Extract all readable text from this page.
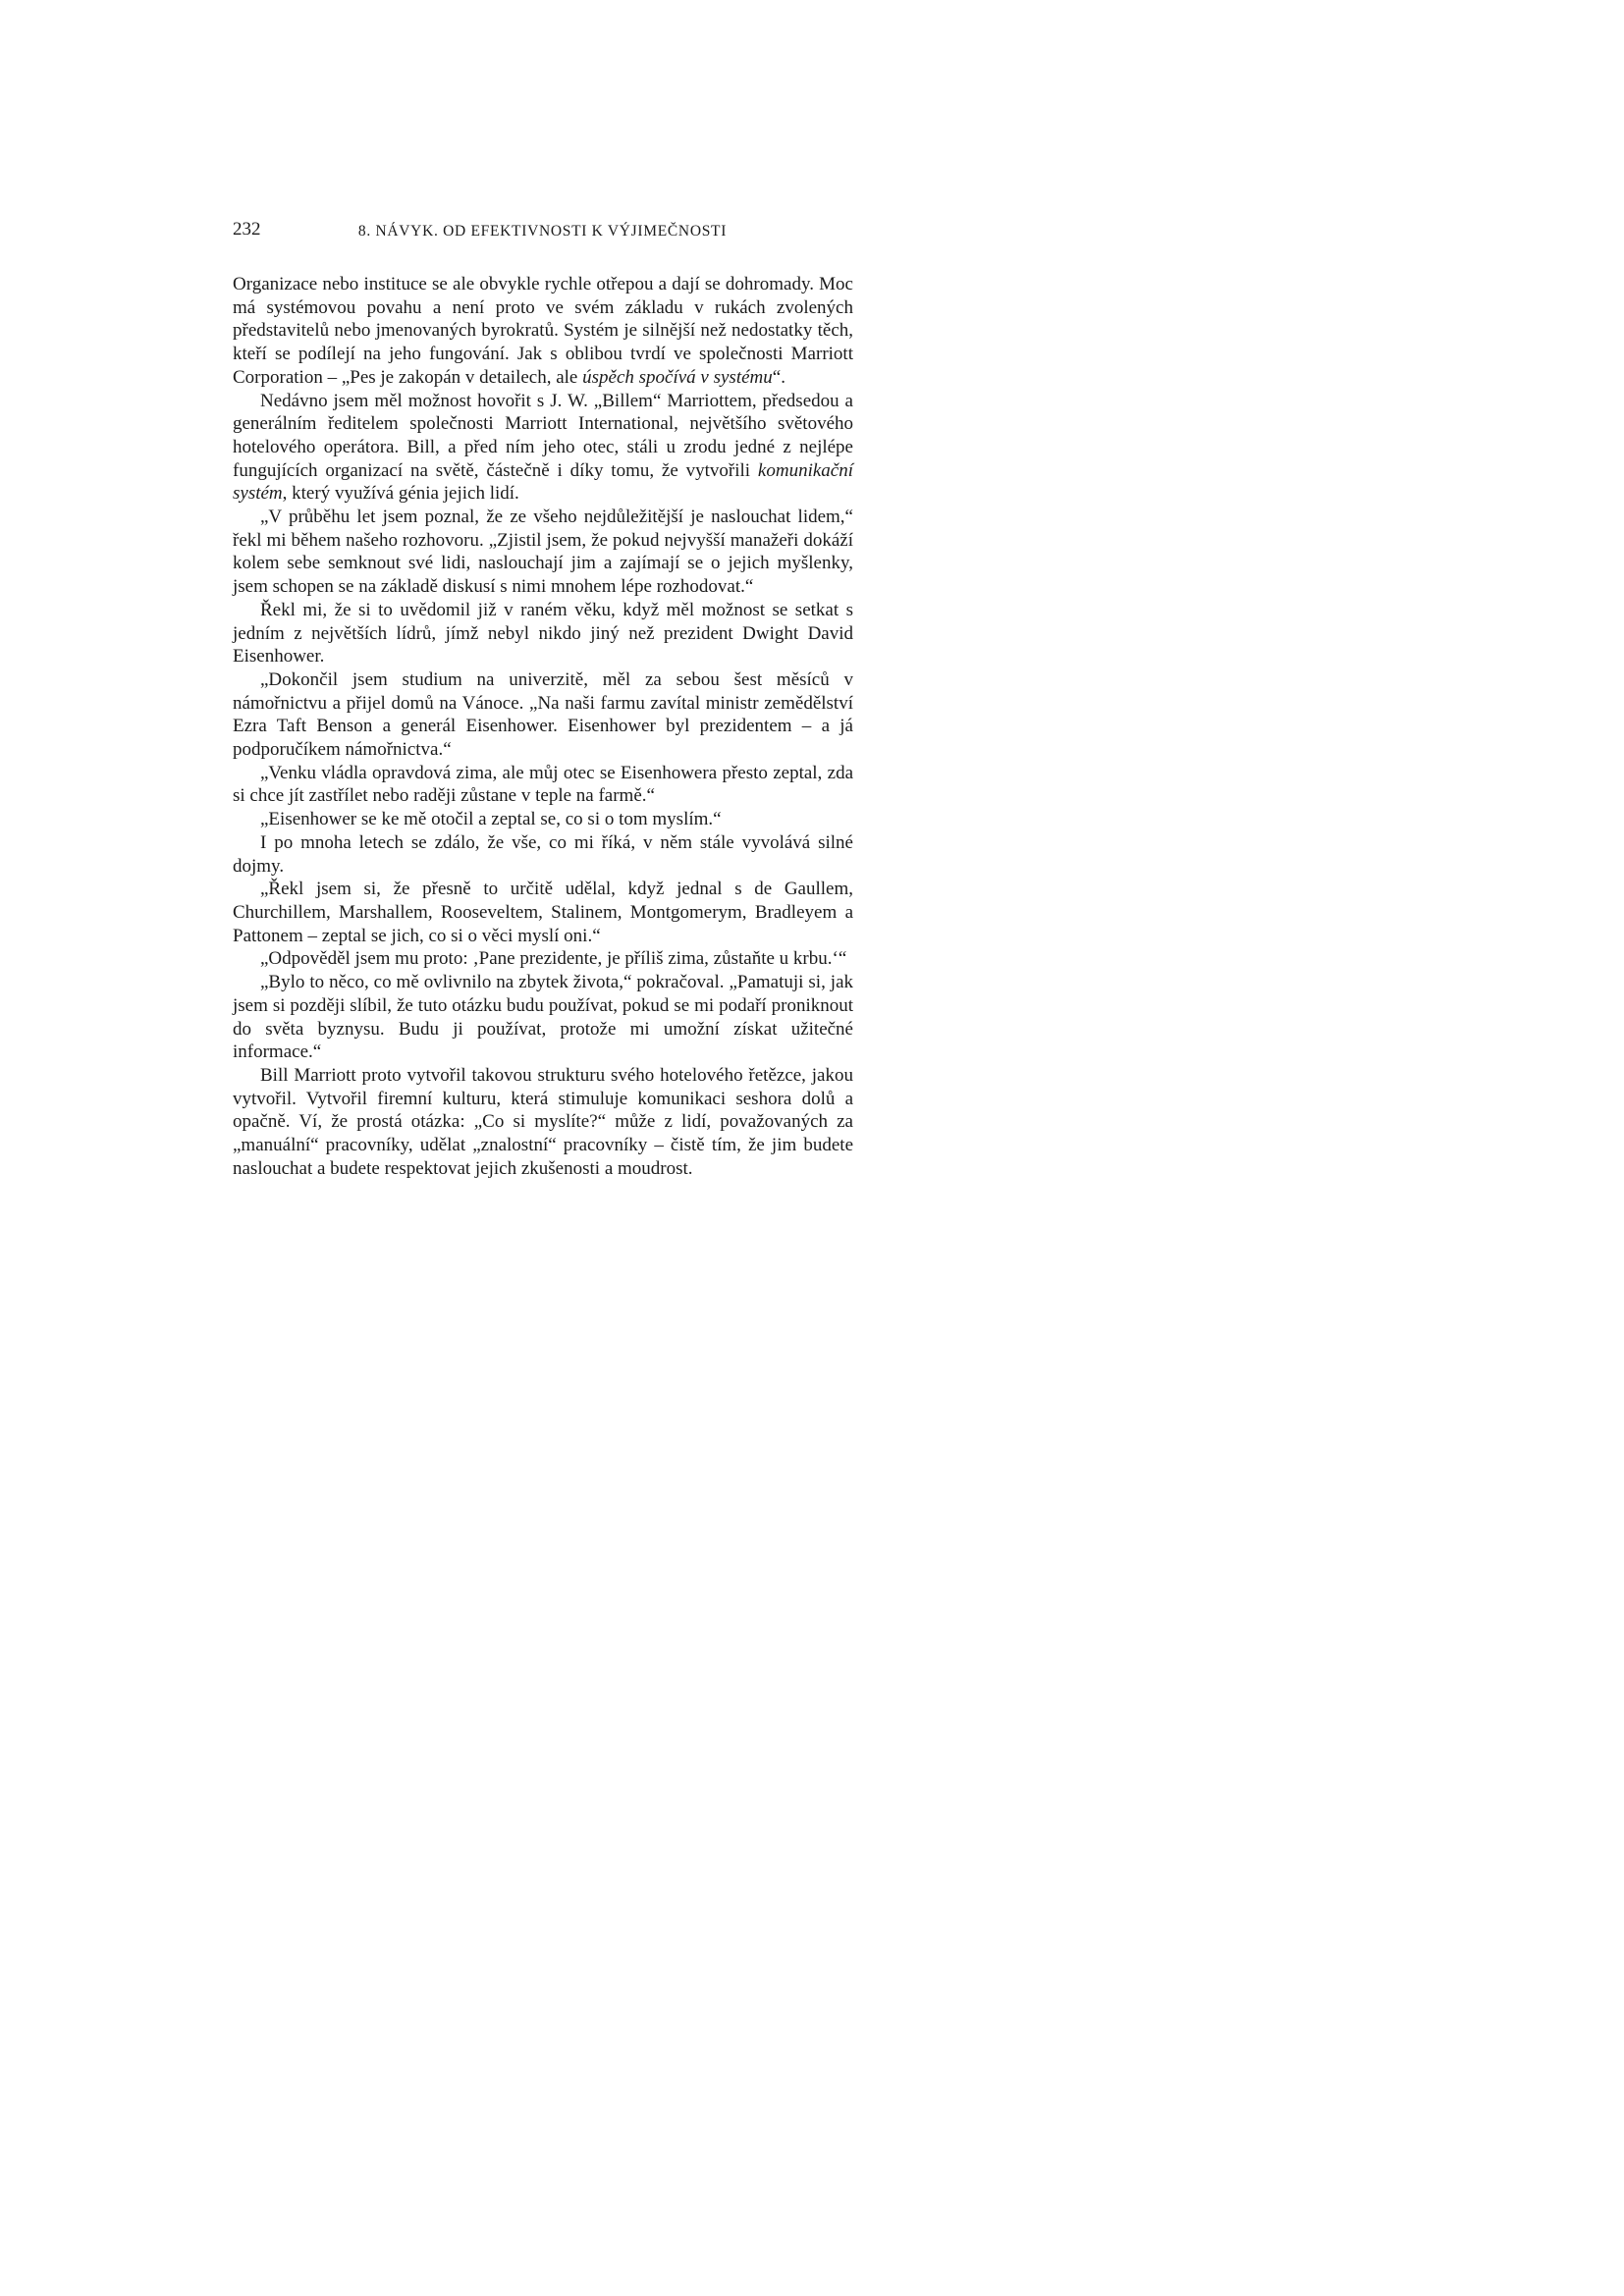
232	8. NÁVYK. OD EFEKTIVNOSTI K VÝJIMEČNOSTI

Organizace nebo instituce se ale obvykle rychle otřepou a dají se dohromady. Moc má systémovou povahu a není proto ve svém základu v rukách zvolených představitelů nebo jmenovaných byrokratů. Systém je silnější než nedostatky těch, kteří se podílejí na jeho fungování. Jak s oblibou tvrdí ve společnosti Marriott Corporation – „Pes je zakopán v detailech, ale úspěch spočívá v systému“.

Nedávno jsem měl možnost hovořit s J. W. „Billem“ Marriottem, předsedou a generálním ředitelem společnosti Marriott International, největšího světového hotelového operátora. Bill, a před ním jeho otec, stáli u zrodu jedné z nejlépe fungujících organizací na světě, částečně i díky tomu, že vytvořili komunikační systém, který využívá génia jejich lidí.

„V průběhu let jsem poznal, že ze všeho nejdůležitější je naslouchat lidem,“ řekl mi během našeho rozhovoru. „Zjistil jsem, že pokud nejvyšší manažeři dokáží kolem sebe semknout své lidi, naslouchají jim a zajímají se o jejich myšlenky, jsem schopen se na základě diskusí s nimi mnohem lépe rozhodovat.“

Řekl mi, že si to uvědomil již v raném věku, když měl možnost se setkat s jedním z největších lídrů, jímž nebyl nikdo jiný než prezident Dwight David Eisenhower.

„Dokončil jsem studium na univerzitě, měl za sebou šest měsíců v námořnictvu a přijel domů na Vánoce. „Na naši farmu zavítal ministr zemědělství Ezra Taft Benson a generál Eisenhower. Eisenhower byl prezidentem – a já podporučíkem námořnictva.“

„Venku vládla opravdová zima, ale můj otec se Eisenhowera přesto zeptal, zda si chce jít zastřílet nebo raději zůstane v teple na farmě.“

„Eisenhower se ke mě otočil a zeptal se, co si o tom myslím.“

I po mnoha letech se zdálo, že vše, co mi říká, v něm stále vyvolává silné dojmy.

„Řekl jsem si, že přesně to určitě udělal, když jednal s de Gaullem, Churchillem, Marshallem, Rooseveltem, Stalinem, Montgomerym, Bradleyem a Pattonem – zeptal se jich, co si o věci myslí oni.“

„Odpověděl jsem mu proto: ‚Pane prezidente, je příliš zima, zůstaňte u krbu.‘“

„Bylo to něco, co mě ovlivnilo na zbytek života,“ pokračoval. „Pamatuji si, jak jsem si později slíbil, že tuto otázku budu používat, pokud se mi podaří proniknout do světa byznysu. Budu ji používat, protože mi umožní získat užitečné informace.“

Bill Marriott proto vytvořil takovou strukturu svého hotelového řetězce, jakou vytvořil. Vytvořil firemní kulturu, která stimuluje komunikaci seshora dolů a opačně. Ví, že prostá otázka: „Co si myslíte?“ může z lidí, považovaných za „manuální“ pracovníky, udělat „znalostní“ pracovníky – čistě tím, že jim budete naslouchat a budete respektovat jejich zkušenosti a moudrost.
